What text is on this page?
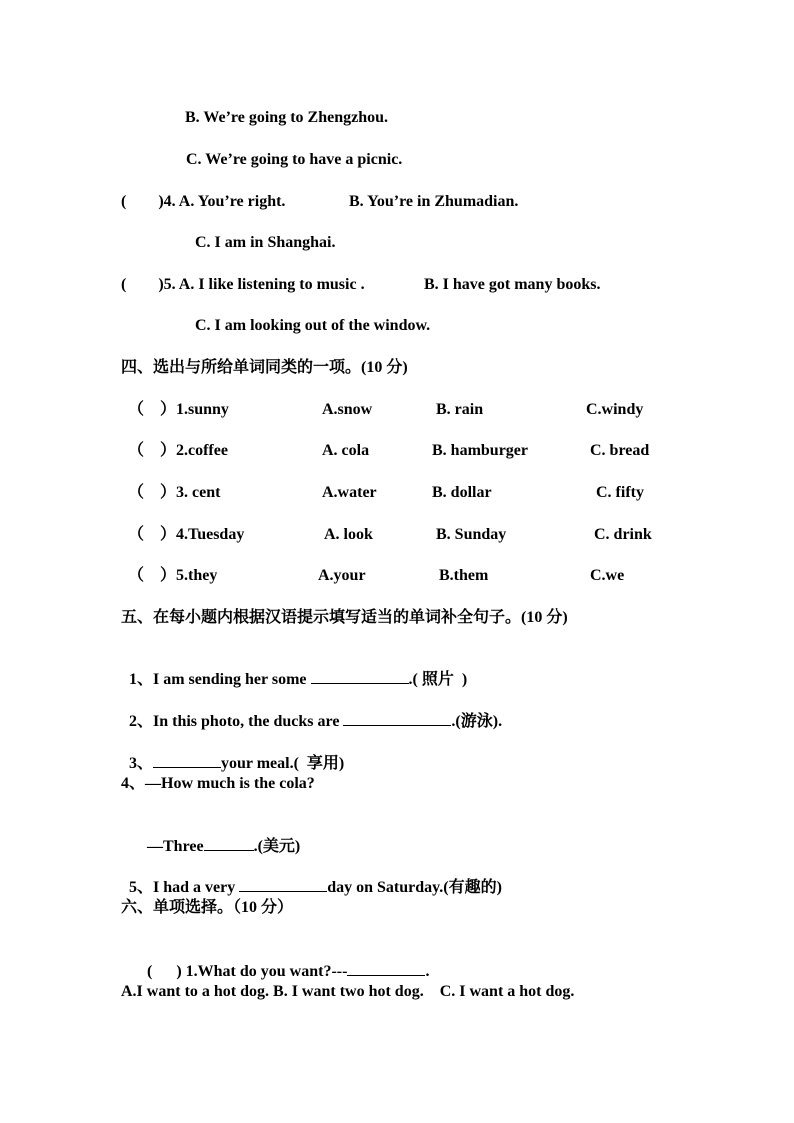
B. We’re going to Zhengzhou.
C. We’re going to have a picnic.
(        )4. A. You’re right.	B. You’re in Zhumadian.
C. I am in Shanghai.
(        )5. A. I like listening to music .	B. I have got many books.
C. I am looking out of the window.
四、选出与所给单词同类的一项。(10 分)
（    ）1.sunny	A.snow	B. rain	C.windy
（    ）2.coffee	A. cola	B. hamburger	C. bread
（    ）3. cent	A.water	B. dollar	C. fifty
（    ）4.Tuesday	A. look	B. Sunday	C. drink
（    ）5.they	A.your	B.them	C.we
五、在每小题内根据汉语提示填写适当的单词补全句子。(10 分)

1、I am sending her some	.( 照片  )

2、In this photo, the ducks are	.(游泳).

3、	your meal.(  享用)

4、—How much is the cola?

—Three	.(美元)

5、I had a very	day on Saturday.(有趣的)

六、单项选择。（10 分）

(      ) 1.What do you want?---	.

A.I want to a hot dog. B. I want two hot dog.    C. I want a hot dog.
